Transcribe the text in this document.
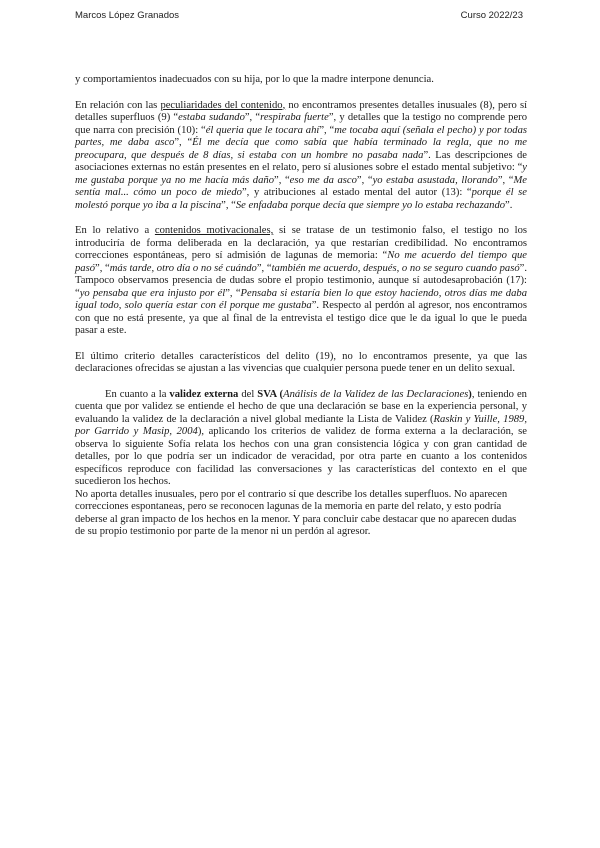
Marcos López Granados	Curso 2022/23

y comportamientos inadecuados con su hija, por lo que la madre interpone denuncia.

En relación con las peculiaridades del contenido, no encontramos presentes detalles inusuales (8), pero sí detalles superfluos (9) “estaba sudando”, “respiraba fuerte”, y detalles que la testigo no comprende pero que narra con precisión (10): “él queria que le tocara ahí”, “me tocaba aquí (señala el pecho) y por todas partes, me daba asco”, “Él me decía que como sabía que había terminado la regla, que no me preocupara, que después de 8 días, si estaba con un hombre no pasaba nada”. Las descripciones de asociaciones externas no están presentes en el relato, pero sí alusiones sobre el estado mental subjetivo: “y me gustaba porque ya no me hacía más daño”, “eso me da asco”, “yo estaba asustada, llorando”, “Me sentía mal... cómo un poco de miedo”, y atribuciones al estado mental del autor (13): “porque él se molestó porque yo iba a la piscina”, “Se enfadaba porque decía que siempre yo lo estaba rechazando”.

En lo relativo a contenidos motivacionales, si se tratase de un testimonio falso, el testigo no los introduciría de forma deliberada en la declaración, ya que restarían credibilidad. No encontramos correcciones espontáneas, pero sí admisión de lagunas de memoria: “No me acuerdo del tiempo que pasó”, “más tarde, otro día o no sé cuándo”, “también me acuerdo, después, o no se seguro cuando pasó”. Tampoco observamos presencia de dudas sobre el propio testimonio, aunque sí autodesaprobación (17): “yo pensaba que era injusto por él”, “Pensaba si estaría bien lo que estoy haciendo, otros días me daba igual todo, solo quería estar con él porque me gustaba”. Respecto al perdón al agresor, nos encontramos con que no está presente, ya que al final de la entrevista el testigo dice que le da igual lo que le pueda pasar a este.

El último criterio detalles característicos del delito (19), no lo encontramos presente, ya que las declaraciones ofrecidas se ajustan a las vivencias que cualquier persona puede tener en un delito sexual.

En cuanto a la validez externa del SVA (Análisis de la Validez de las Declaraciones), teniendo en cuenta que por validez se entiende el hecho de que una declaración se base en la experiencia personal, y evaluando la validez de la declaración a nivel global mediante la Lista de Validez (Raskin y Yuille, 1989, por Garrido y Masip, 2004), aplicando los criterios de validez de forma externa a la declaración, se observa lo siguiente Sofía relata los hechos con una gran consistencia lógica y con gran cantidad de detalles, por lo que podría ser un indicador de veracidad, por otra parte en cuanto a los contenidos específicos reproduce con facilidad las conversaciones y las características del contexto en el que sucedieron los hechos.

No aporta detalles inusuales, pero por el contrario sí que describe los detalles superfluos. No aparecen correcciones espontaneas, pero se reconocen lagunas de la memoria en parte del relato, y esto podría deberse al gran impacto de los hechos en la menor. Y para concluir cabe destacar que no aparecen dudas de su propio testimonio por parte de la menor ni un perdón al agresor.
